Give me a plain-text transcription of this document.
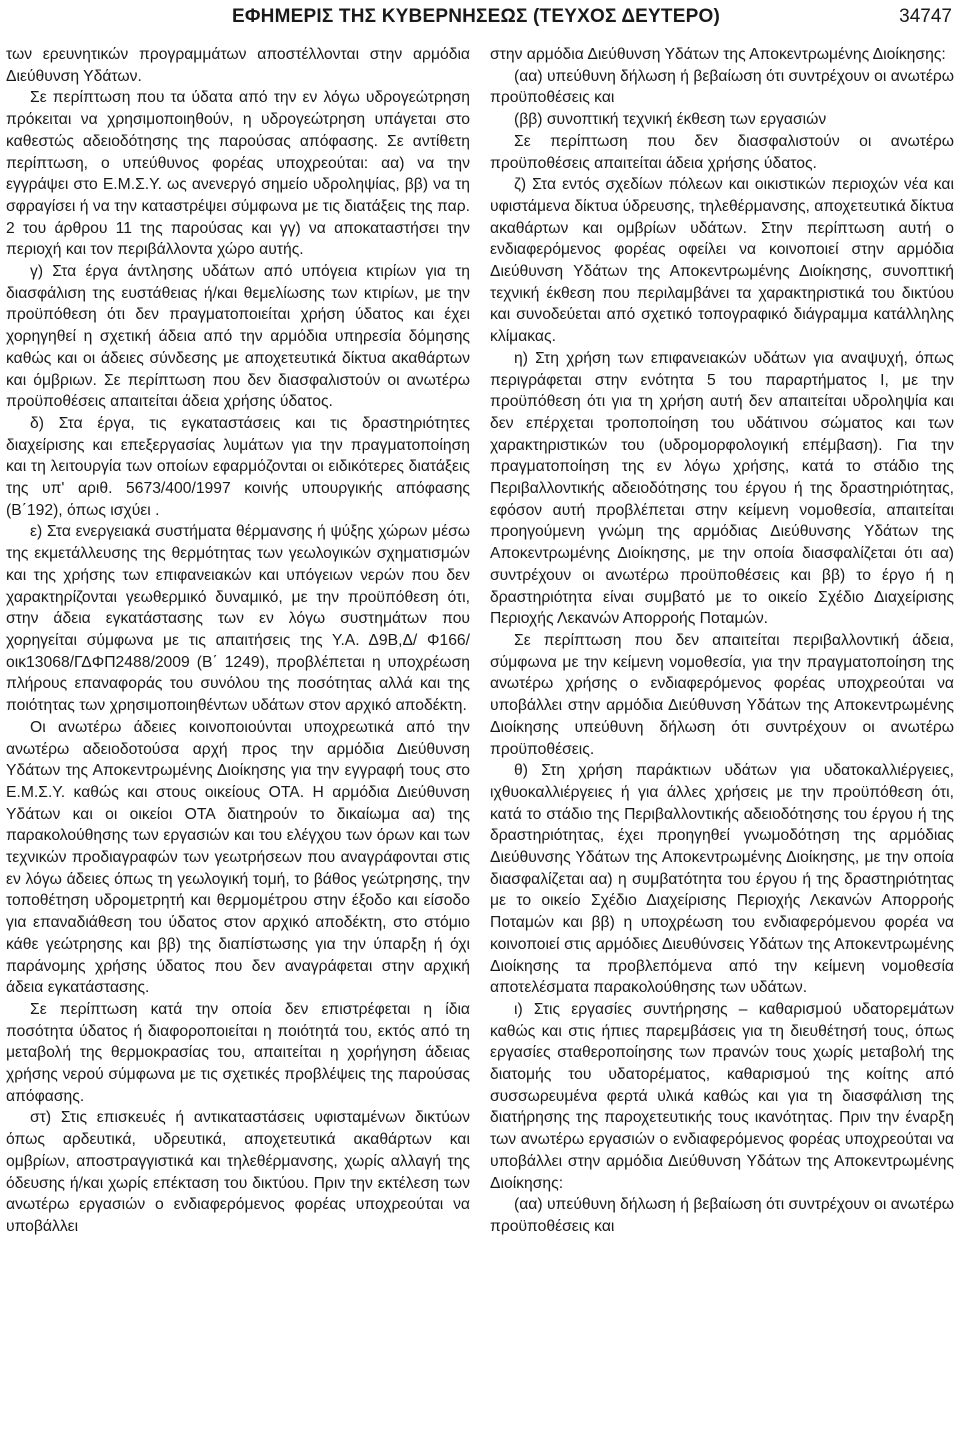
ΕΦΗΜΕΡΙΣ ΤΗΣ ΚΥΒΕΡΝΗΣΕΩΣ (ΤΕΥΧΟΣ ΔΕΥΤΕΡΟ)	34747

των ερευνητικών προγραμμάτων αποστέλλονται στην αρμόδια Διεύθυνση Υδάτων.

Σε περίπτωση που τα ύδατα από την εν λόγω υδρογεώτρηση πρόκειται να χρησιμοποιηθούν, η υδρογεώτρηση υπάγεται στο καθεστώς αδειοδότησης της παρούσας απόφασης. Σε αντίθετη περίπτωση, ο υπεύθυνος φορέας υποχρεούται: αα) να την εγγράψει στο Ε.Μ.Σ.Υ. ως ανενεργό σημείο υδροληψίας, ββ) να τη σφραγίσει ή να την καταστρέψει σύμφωνα με τις διατάξεις της παρ. 2 του άρθρου 11 της παρούσας και γγ) να αποκαταστήσει την περιοχή και τον περιβάλλοντα χώρο αυτής.

γ) Στα έργα άντλησης υδάτων από υπόγεια κτιρίων για τη διασφάλιση της ευστάθειας ή/και θεμελίωσης των κτιρίων, με την προϋπόθεση ότι δεν πραγματοποιείται χρήση ύδατος και έχει χορηγηθεί η σχετική άδεια από την αρμόδια υπηρεσία δόμησης καθώς και οι άδειες σύνδεσης με αποχετευτικά δίκτυα ακαθάρτων και όμβριων. Σε περίπτωση που δεν διασφαλιστούν οι ανωτέρω προϋποθέσεις απαιτείται άδεια χρήσης ύδατος.

δ) Στα έργα, τις εγκαταστάσεις και τις δραστηριότητες διαχείρισης και επεξεργασίας λυμάτων για την πραγματοποίηση και τη λειτουργία των οποίων εφαρμόζονται οι ειδικότερες διατάξεις της υπ' αριθ. 5673/400/1997 κοινής υπουργικής απόφασης (Β΄192), όπως ισχύει .

ε) Στα ενεργειακά συστήματα θέρμανσης ή ψύξης χώρων μέσω της εκμετάλλευσης της θερμότητας των γεωλογικών σχηματισμών και της χρήσης των επιφανειακών και υπόγειων νερών που δεν χαρακτηρίζονται γεωθερμικό δυναμικό, με την προϋπόθεση ότι, στην άδεια εγκατάστασης των εν λόγω συστημάτων που χορηγείται σύμφωνα με τις απαιτήσεις της Υ.Α. Δ9Β,Δ/ Φ166/οικ13068/ΓΔΦΠ2488/2009 (Β΄ 1249), προβλέπεται η υποχρέωση πλήρους επαναφοράς του συνόλου της ποσότητας αλλά και της ποιότητας των χρησιμοποιηθέντων υδάτων στον αρχικό αποδέκτη.

Οι ανωτέρω άδειες κοινοποιούνται υποχρεωτικά από την ανωτέρω αδειοδοτούσα αρχή προς την αρμόδια Διεύθυνση Υδάτων της Αποκεντρωμένης Διοίκησης για την εγγραφή τους στο Ε.Μ.Σ.Υ. καθώς και στους οικείους ΟΤΑ. Η αρμόδια Διεύθυνση Υδάτων και οι οικείοι ΟΤΑ διατηρούν το δικαίωμα αα) της παρακολούθησης των εργασιών και του ελέγχου των όρων και των τεχνικών προδιαγραφών των γεωτρήσεων που αναγράφονται στις εν λόγω άδειες όπως τη γεωλογική τομή, το βάθος γεώτρησης, την τοποθέτηση υδρομετρητή και θερμομέτρου στην έξοδο και είσοδο για επαναδιάθεση του ύδατος στον αρχικό αποδέκτη, στο στόμιο κάθε γεώτρησης και ββ) της διαπίστωσης για την ύπαρξη ή όχι παράνομης χρήσης ύδατος που δεν αναγράφεται στην αρχική άδεια εγκατάστασης.

Σε περίπτωση κατά την οποία δεν επιστρέφεται η ίδια ποσότητα ύδατος ή διαφοροποιείται η ποιότητά του, εκτός από τη μεταβολή της θερμοκρασίας του, απαιτείται η χορήγηση άδειας χρήσης νερού σύμφωνα με τις σχετικές προβλέψεις της παρούσας απόφασης.

στ) Στις επισκευές ή αντικαταστάσεις υφισταμένων δικτύων όπως αρδευτικά, υδρευτικά, αποχετευτικά ακαθάρτων και ομβρίων, αποστραγγιστικά και τηλεθέρμανσης, χωρίς αλλαγή της όδευσης ή/και χωρίς επέκταση του δικτύου. Πριν την εκτέλεση των ανωτέρω εργασιών ο ενδιαφερόμενος φορέας υποχρεούται να υποβάλλει

στην αρμόδια Διεύθυνση Υδάτων της Αποκεντρωμένης Διοίκησης:

(αα) υπεύθυνη δήλωση ή βεβαίωση ότι συντρέχουν οι ανωτέρω προϋποθέσεις και

(ββ) συνοπτική τεχνική έκθεση των εργασιών

Σε περίπτωση που δεν διασφαλιστούν οι ανωτέρω προϋποθέσεις απαιτείται άδεια χρήσης ύδατος.

ζ) Στα εντός σχεδίων πόλεων και οικιστικών περιοχών νέα και υφιστάμενα δίκτυα ύδρευσης, τηλεθέρμανσης, αποχετευτικά δίκτυα ακαθάρτων και ομβρίων υδάτων. Στην περίπτωση αυτή ο ενδιαφερόμενος φορέας οφείλει να κοινοποιεί στην αρμόδια Διεύθυνση Υδάτων της Αποκεντρωμένης Διοίκησης, συνοπτική τεχνική έκθεση που περιλαμβάνει τα χαρακτηριστικά του δικτύου και συνοδεύεται από σχετικό τοπογραφικό διάγραμμα κατάλληλης κλίμακας.

η) Στη χρήση των επιφανειακών υδάτων για αναψυχή, όπως περιγράφεται στην ενότητα 5 του παραρτήματος Ι, με την προϋπόθεση ότι για τη χρήση αυτή δεν απαιτείται υδροληψία και δεν επέρχεται τροποποίηση του υδάτινου σώματος και των χαρακτηριστικών του (υδρομορφολογική επέμβαση). Για την πραγματοποίηση της εν λόγω χρήσης, κατά το στάδιο της Περιβαλλοντικής αδειοδότησης του έργου ή της δραστηριότητας, εφόσον αυτή προβλέπεται στην κείμενη νομοθεσία, απαιτείται προηγούμενη γνώμη της αρμόδιας Διεύθυνσης Υδάτων της Αποκεντρωμένης Διοίκησης, με την οποία διασφαλίζεται ότι αα) συντρέχουν οι ανωτέρω προϋποθέσεις και ββ) το έργο ή η δραστηριότητα είναι συμβατό με το οικείο Σχέδιο Διαχείρισης Περιοχής Λεκανών Απορροής Ποταμών.

Σε περίπτωση που δεν απαιτείται περιβαλλοντική άδεια, σύμφωνα με την κείμενη νομοθεσία, για την πραγματοποίηση της ανωτέρω χρήσης ο ενδιαφερόμενος φορέας υποχρεούται να υποβάλλει στην αρμόδια Διεύθυνση Υδάτων της Αποκεντρωμένης Διοίκησης υπεύθυνη δήλωση ότι συντρέχουν οι ανωτέρω προϋποθέσεις.

θ) Στη χρήση παράκτιων υδάτων για υδατοκαλλιέργειες, ιχθυοκαλλιέργειες ή για άλλες χρήσεις με την προϋπόθεση ότι, κατά το στάδιο της Περιβαλλοντικής αδειοδότησης του έργου ή της δραστηριότητας, έχει προηγηθεί γνωμοδότηση της αρμόδιας Διεύθυνσης Υδάτων της Αποκεντρωμένης Διοίκησης, με την οποία διασφαλίζεται αα) η συμβατότητα του έργου ή της δραστηριότητας με το οικείο Σχέδιο Διαχείρισης Περιοχής Λεκανών Απορροής Ποταμών και ββ) η υποχρέωση του ενδιαφερόμενου φορέα να κοινοποιεί στις αρμόδιες Διευθύνσεις Υδάτων της Αποκεντρωμένης Διοίκησης τα προβλεπόμενα από την κείμενη νομοθεσία αποτελέσματα παρακολούθησης των υδάτων.

ι) Στις εργασίες συντήρησης – καθαρισμού υδατορεμάτων καθώς και στις ήπιες παρεμβάσεις για τη διευθέτησή τους, όπως εργασίες σταθεροποίησης των πρανών τους χωρίς μεταβολή της διατομής του υδατορέματος, καθαρισμού της κοίτης από συσσωρευμένα φερτά υλικά καθώς και για τη διασφάλιση της διατήρησης της παροχετευτικής τους ικανότητας. Πριν την έναρξη των ανωτέρω εργασιών ο ενδιαφερόμενος φορέας υποχρεούται να υποβάλλει στην αρμόδια Διεύθυνση Υδάτων της Αποκεντρωμένης Διοίκησης:

(αα) υπεύθυνη δήλωση ή βεβαίωση ότι συντρέχουν οι ανωτέρω προϋποθέσεις και
